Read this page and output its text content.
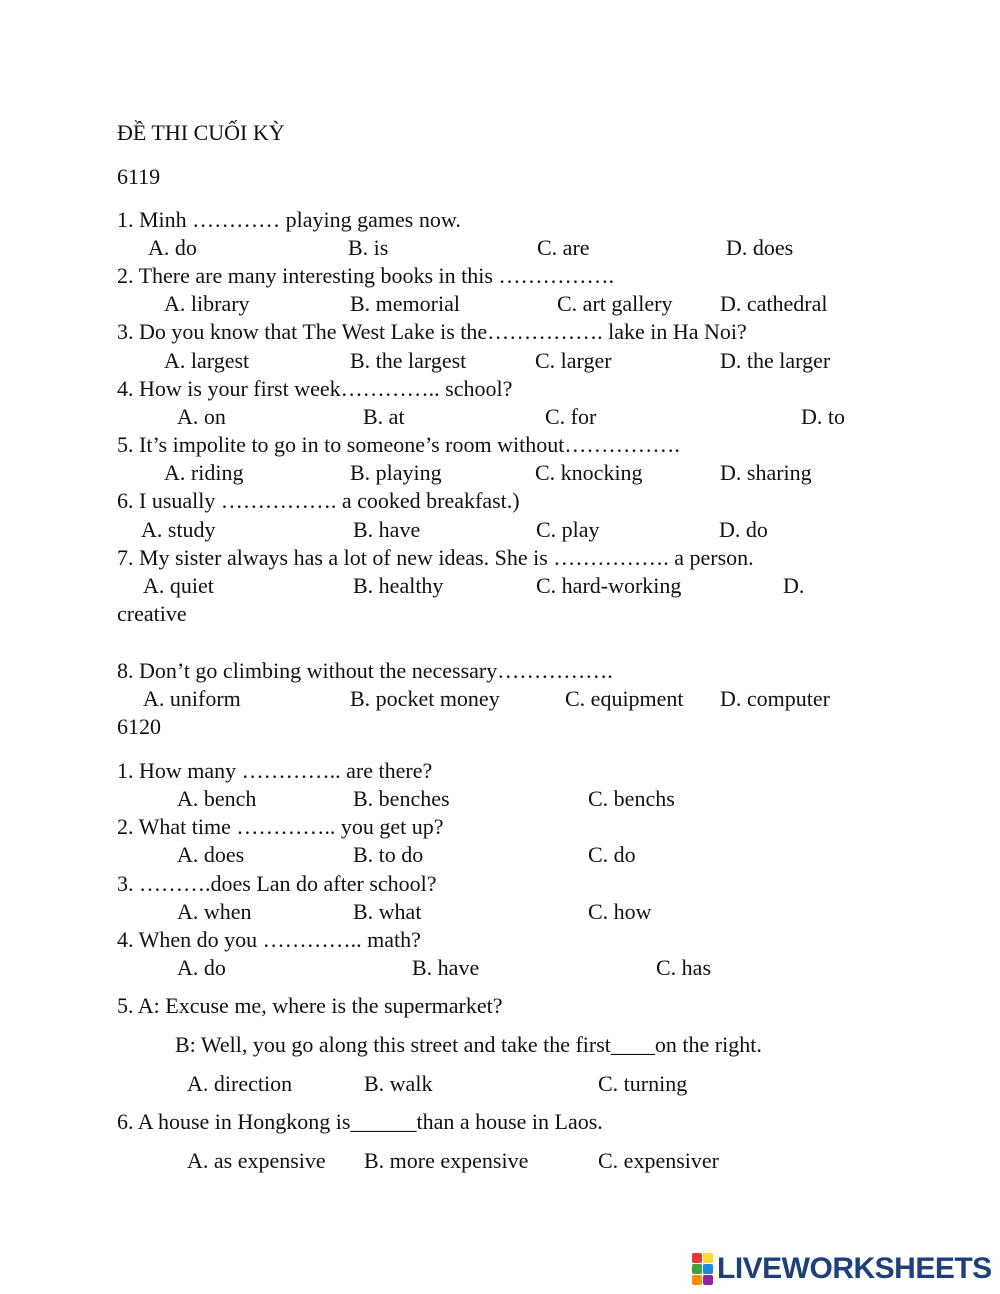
ĐỀ THI CUỐI KỲ
6119
1. Minh ………… playing games now.
A. do	B. is	C. are	D. does
2. There are many interesting books in this …………….
A. library	B. memorial	C. art gallery D. cathedral
3. Do you know that The West Lake is the……………. lake in Ha Noi?
A. largest	B. the largest	C. larger	D. the larger
4. How is your first week………….. school?
A. on	B. at	C. for	D. to
5. It’s impolite to go in to someone’s room without…………….
A. riding	B. playing	C. knocking	D. sharing
6. I usually ……………. a cooked breakfast.)
A. study	B. have	C. play	D. do
7. My sister always has a lot of new ideas. She is ……………. a person.
A. quiet	B. healthy	C. hard-working	D.
creative
8. Don’t go climbing without the necessary…………….
A. uniform	B. pocket money	C. equipment D. computer
6120
1. How many ………….. are there?
A. bench	B. benches	C. benchs
2. What time ………….. you get up?
A. does	B. to do	C. do
3. ……….does Lan do after school?
A. when	B. what	C. how
4. When do you ………….. math?
A. do	B. have	C. has
5. A: Excuse me, where is the supermarket?
B: Well, you go along this street and take the first____on the right.
A. direction	B. walk	C. turning
6. A house in Hongkong is______than a house in Laos.
A. as expensive B. more expensive	C. expensiver
LIVEWORKSHEETS
